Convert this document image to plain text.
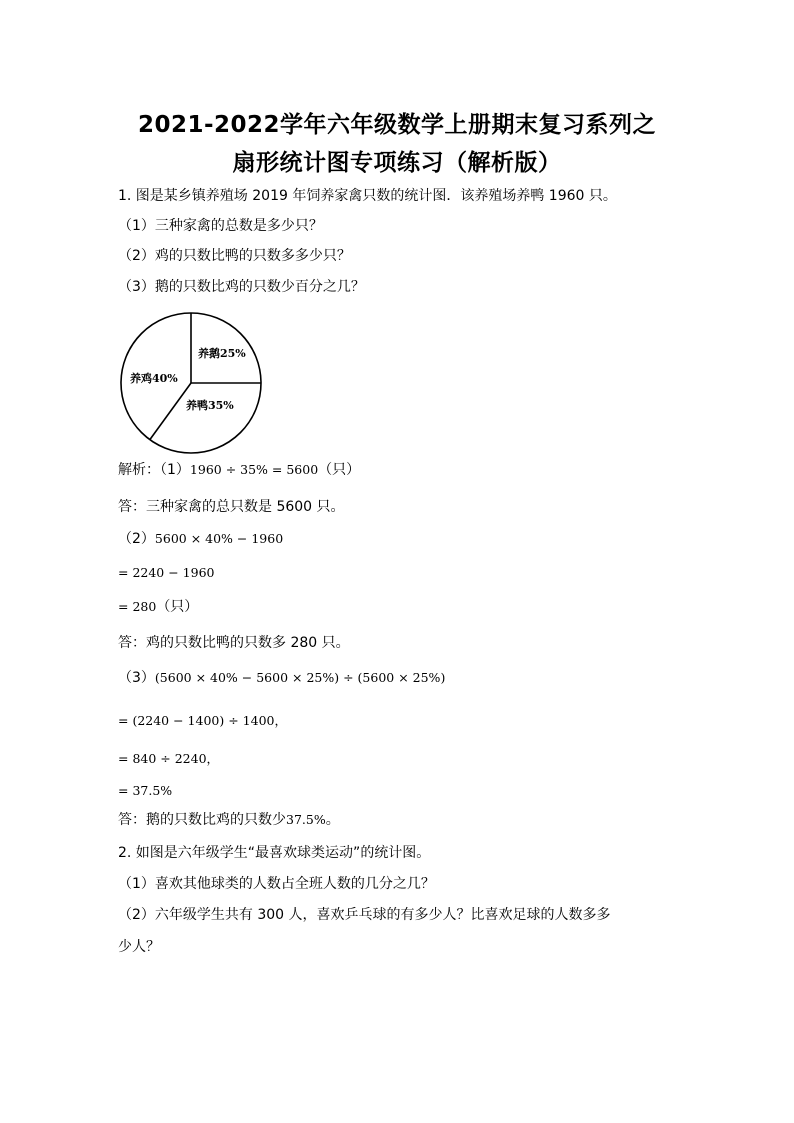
2021-2022学年六年级数学上册期末复习系列之
扇形统计图专项练习（解析版）
1. 图是某乡镇养殖场 2019 年饲养家禽只数的统计图．该养殖场养鸭 1960 只。
（1）三种家禽的总数是多少只？
（2）鸡的只数比鸭的只数多多少只？
（3）鹅的只数比鸡的只数少百分之几？
养鹅25%
养鸭35%
养鸡40%
解析：（1）1960 ÷ 35% = 5600（只）
答：三种家禽的总只数是 5600 只。
（2）5600 × 40% − 1960
= 2240 − 1960
= 280（只）
答：鸡的只数比鸭的只数多 280 只。
（3）(5600 × 40% − 5600 × 25%) ÷ (5600 × 25%)
= (2240 − 1400) ÷ 1400，
= 840 ÷ 2240，
= 37.5%
答：鹅的只数比鸡的只数少37.5%。
2. 如图是六年级学生“最喜欢球类运动”的统计图。
（1）喜欢其他球类的人数占全班人数的几分之几？
（2）六年级学生共有 300 人，喜欢乒乓球的有多少人？比喜欢足球的人数多多
少人？
